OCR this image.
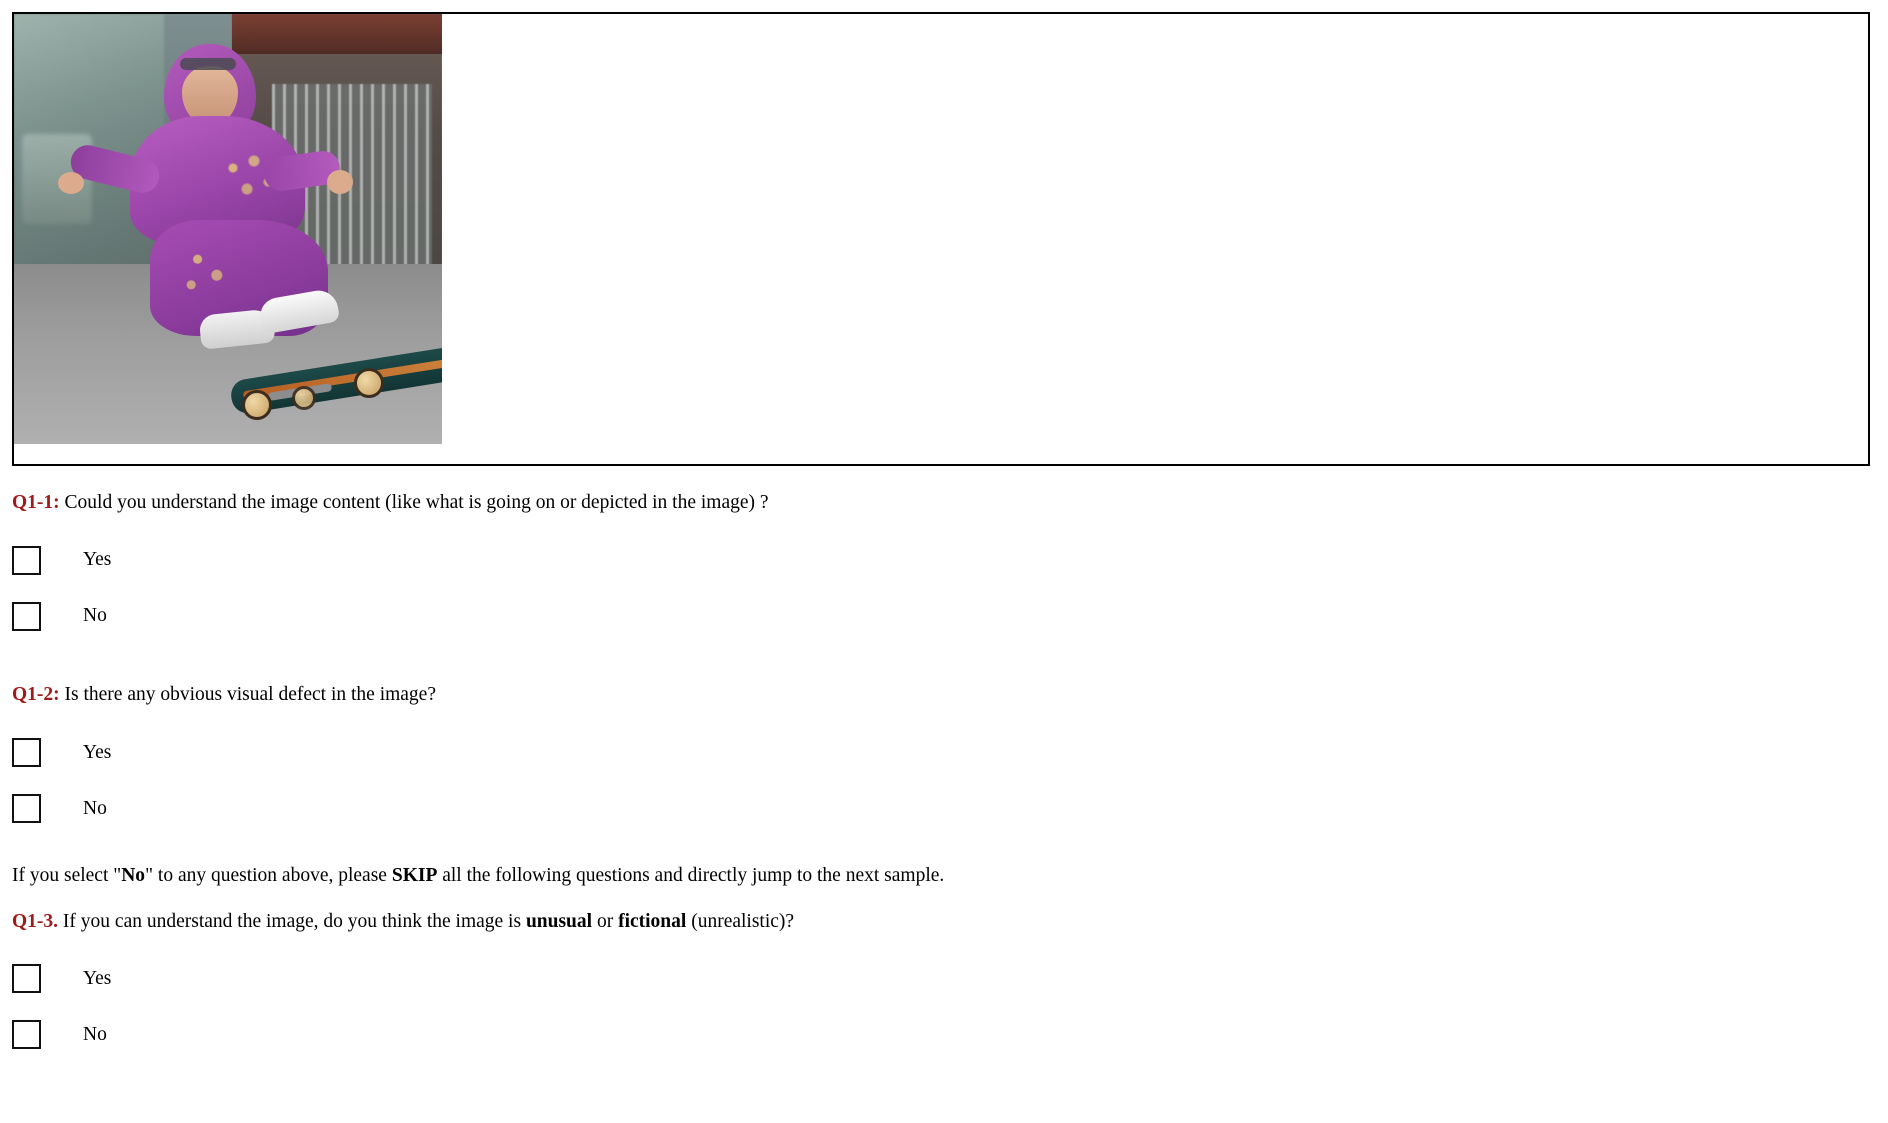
Q1-1: Could you understand the image content (like what is going on or depicted in the image) ?
Yes
No
Q1-2: Is there any obvious visual defect in the image?
Yes
No
If you select "No" to any question above, please SKIP all the following questions and directly jump to the next sample.
Q1-3. If you can understand the image, do you think the image is unusual or fictional (unrealistic)?
Yes
No
